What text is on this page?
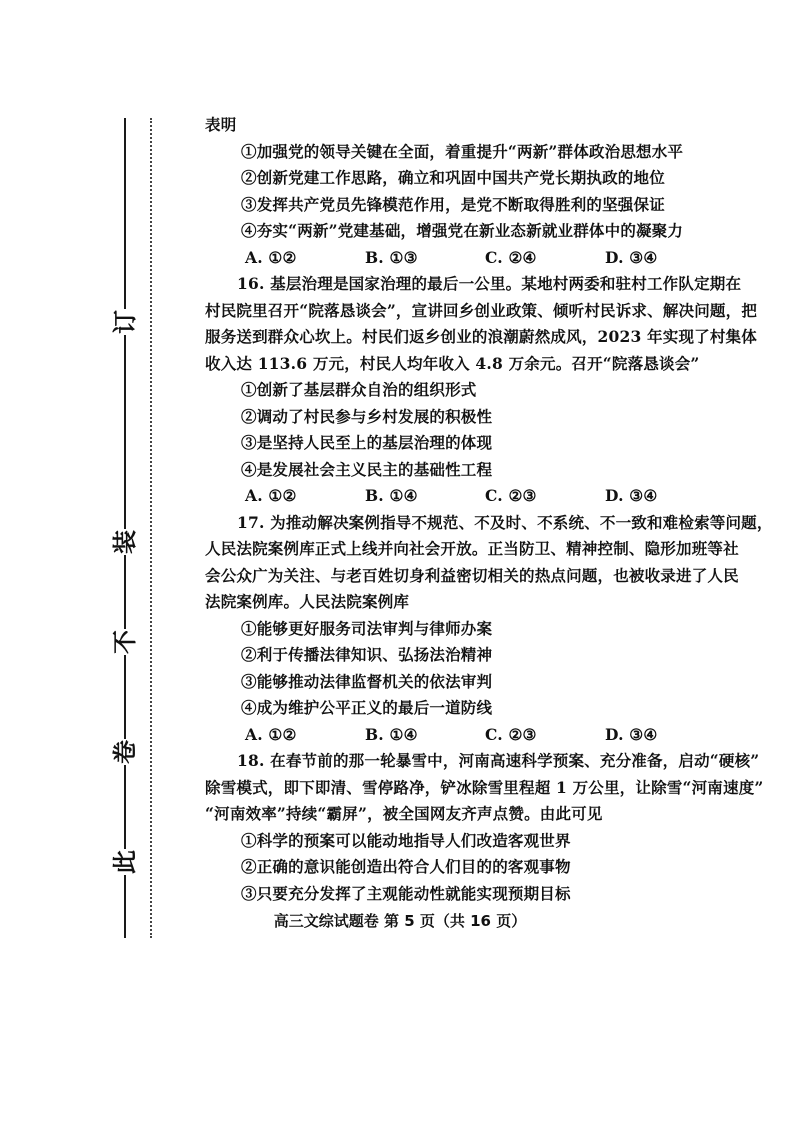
订
装
不
卷
此
表明
①加强党的领导关键在全面，着重提升“两新”群体政治思想水平
②创新党建工作思路，确立和巩固中国共产党长期执政的地位
③发挥共产党员先锋模范作用，是党不断取得胜利的坚强保证
④夯实“两新”党建基础，增强党在新业态新就业群体中的凝聚力
A. ①②	B. ①③	C. ②④	D. ③④
16. 基层治理是国家治理的最后一公里。某地村两委和驻村工作队定期在
村民院里召开“院落恳谈会”，宣讲回乡创业政策、倾听村民诉求、解决问题，把
服务送到群众心坎上。村民们返乡创业的浪潮蔚然成风，2023 年实现了村集体
收入达 113.6 万元，村民人均年收入 4.8 万余元。召开“院落恳谈会”
①创新了基层群众自治的组织形式
②调动了村民参与乡村发展的积极性
③是坚持人民至上的基层治理的体现
④是发展社会主义民主的基础性工程
A. ①②	B. ①④	C. ②③	D. ③④
17. 为推动解决案例指导不规范、不及时、不系统、不一致和难检索等问题，
人民法院案例库正式上线并向社会开放。正当防卫、精神控制、隐形加班等社
会公众广为关注、与老百姓切身利益密切相关的热点问题，也被收录进了人民
法院案例库。人民法院案例库
①能够更好服务司法审判与律师办案
②利于传播法律知识、弘扬法治精神
③能够推动法律监督机关的依法审判
④成为维护公平正义的最后一道防线
A. ①②	B. ①④	C. ②③	D. ③④
18. 在春节前的那一轮暴雪中，河南高速科学预案、充分准备，启动“硬核”
除雪模式，即下即清、雪停路净，铲冰除雪里程超 1 万公里，让除雪“河南速度”
“河南效率”持续“霸屏”，被全国网友齐声点赞。由此可见
①科学的预案可以能动地指导人们改造客观世界
②正确的意识能创造出符合人们目的的客观事物
③只要充分发挥了主观能动性就能实现预期目标
高三文综试题卷 第 5 页（共 16 页）
